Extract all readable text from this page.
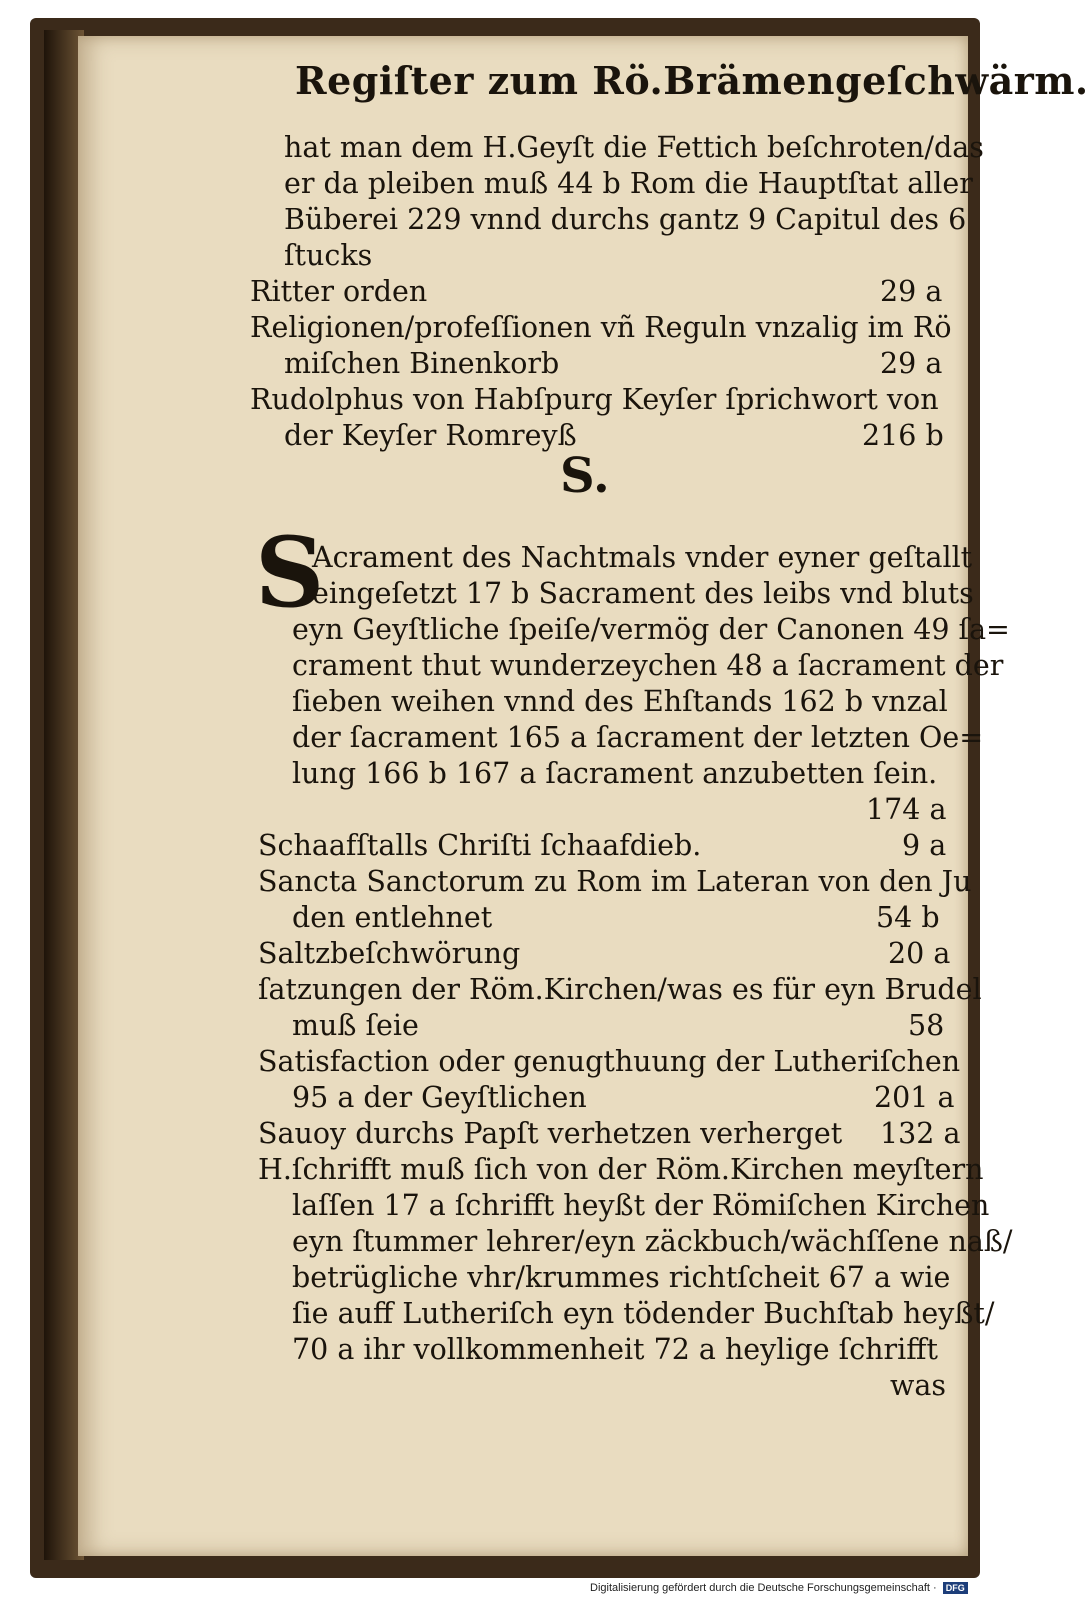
Regiſter zum Rö.Brämengeſchwärm.
hat man dem H.Geyſt die Fettich beſchroten/das
er da pleiben muß 44 b Rom die Hauptſtat aller
Büberei 229 vnnd durchs gantz 9 Capitul des 6
ſtucks
Ritter orden	29 a
Religionen/profeſſionen vñ Reguln vnzalig im Rö
miſchen Binenkorb	29 a
Rudolphus von Habſpurg Keyſer ſprichwort von
der Keyſer Romreyß	216 b
S.
S
Acrament des Nachtmals vnder eyner geſtallt
eingeſetzt 17 b Sacrament des leibs vnd bluts
eyn Geyſtliche ſpeiſe/vermög der Canonen 49 ſa=
crament thut wunderzeychen 48 a ſacrament der
ſieben weihen vnnd des Ehſtands 162 b vnzal
der ſacrament 165 a ſacrament der letzten Oe=
lung 166 b 167 a ſacrament anzubetten ſein.
174 a
Schaafſtalls Chriſti ſchaafdieb.	9 a
Sancta Sanctorum zu Rom im Lateran von den Ju
den entlehnet	54 b
Saltzbeſchwörung	20 a
ſatzungen der Röm.Kirchen/was es für eyn Brudel
muß ſeie	58
Satisfaction oder genugthuung der Lutheriſchen
95 a der Geyſtlichen	201 a
Sauoy durchs Papſt verhetzen verherget 132 a
H.ſchrifft muß ſich von der Röm.Kirchen meyſtern
laſſen 17 a ſchrifft heyßt der Römiſchen Kirchen
eyn ſtummer lehrer/eyn zäckbuch/wächſſene naß/
betrügliche vhr/krummes richtſcheit 67 a wie
ſie auff Lutheriſch eyn tödender Buchſtab heyßt/
70 a ihr vollkommenheit 72 a heylige ſchrifft
was
Digitalisierung gefördert durch die Deutsche Forschungsgemeinschaft · DFG
